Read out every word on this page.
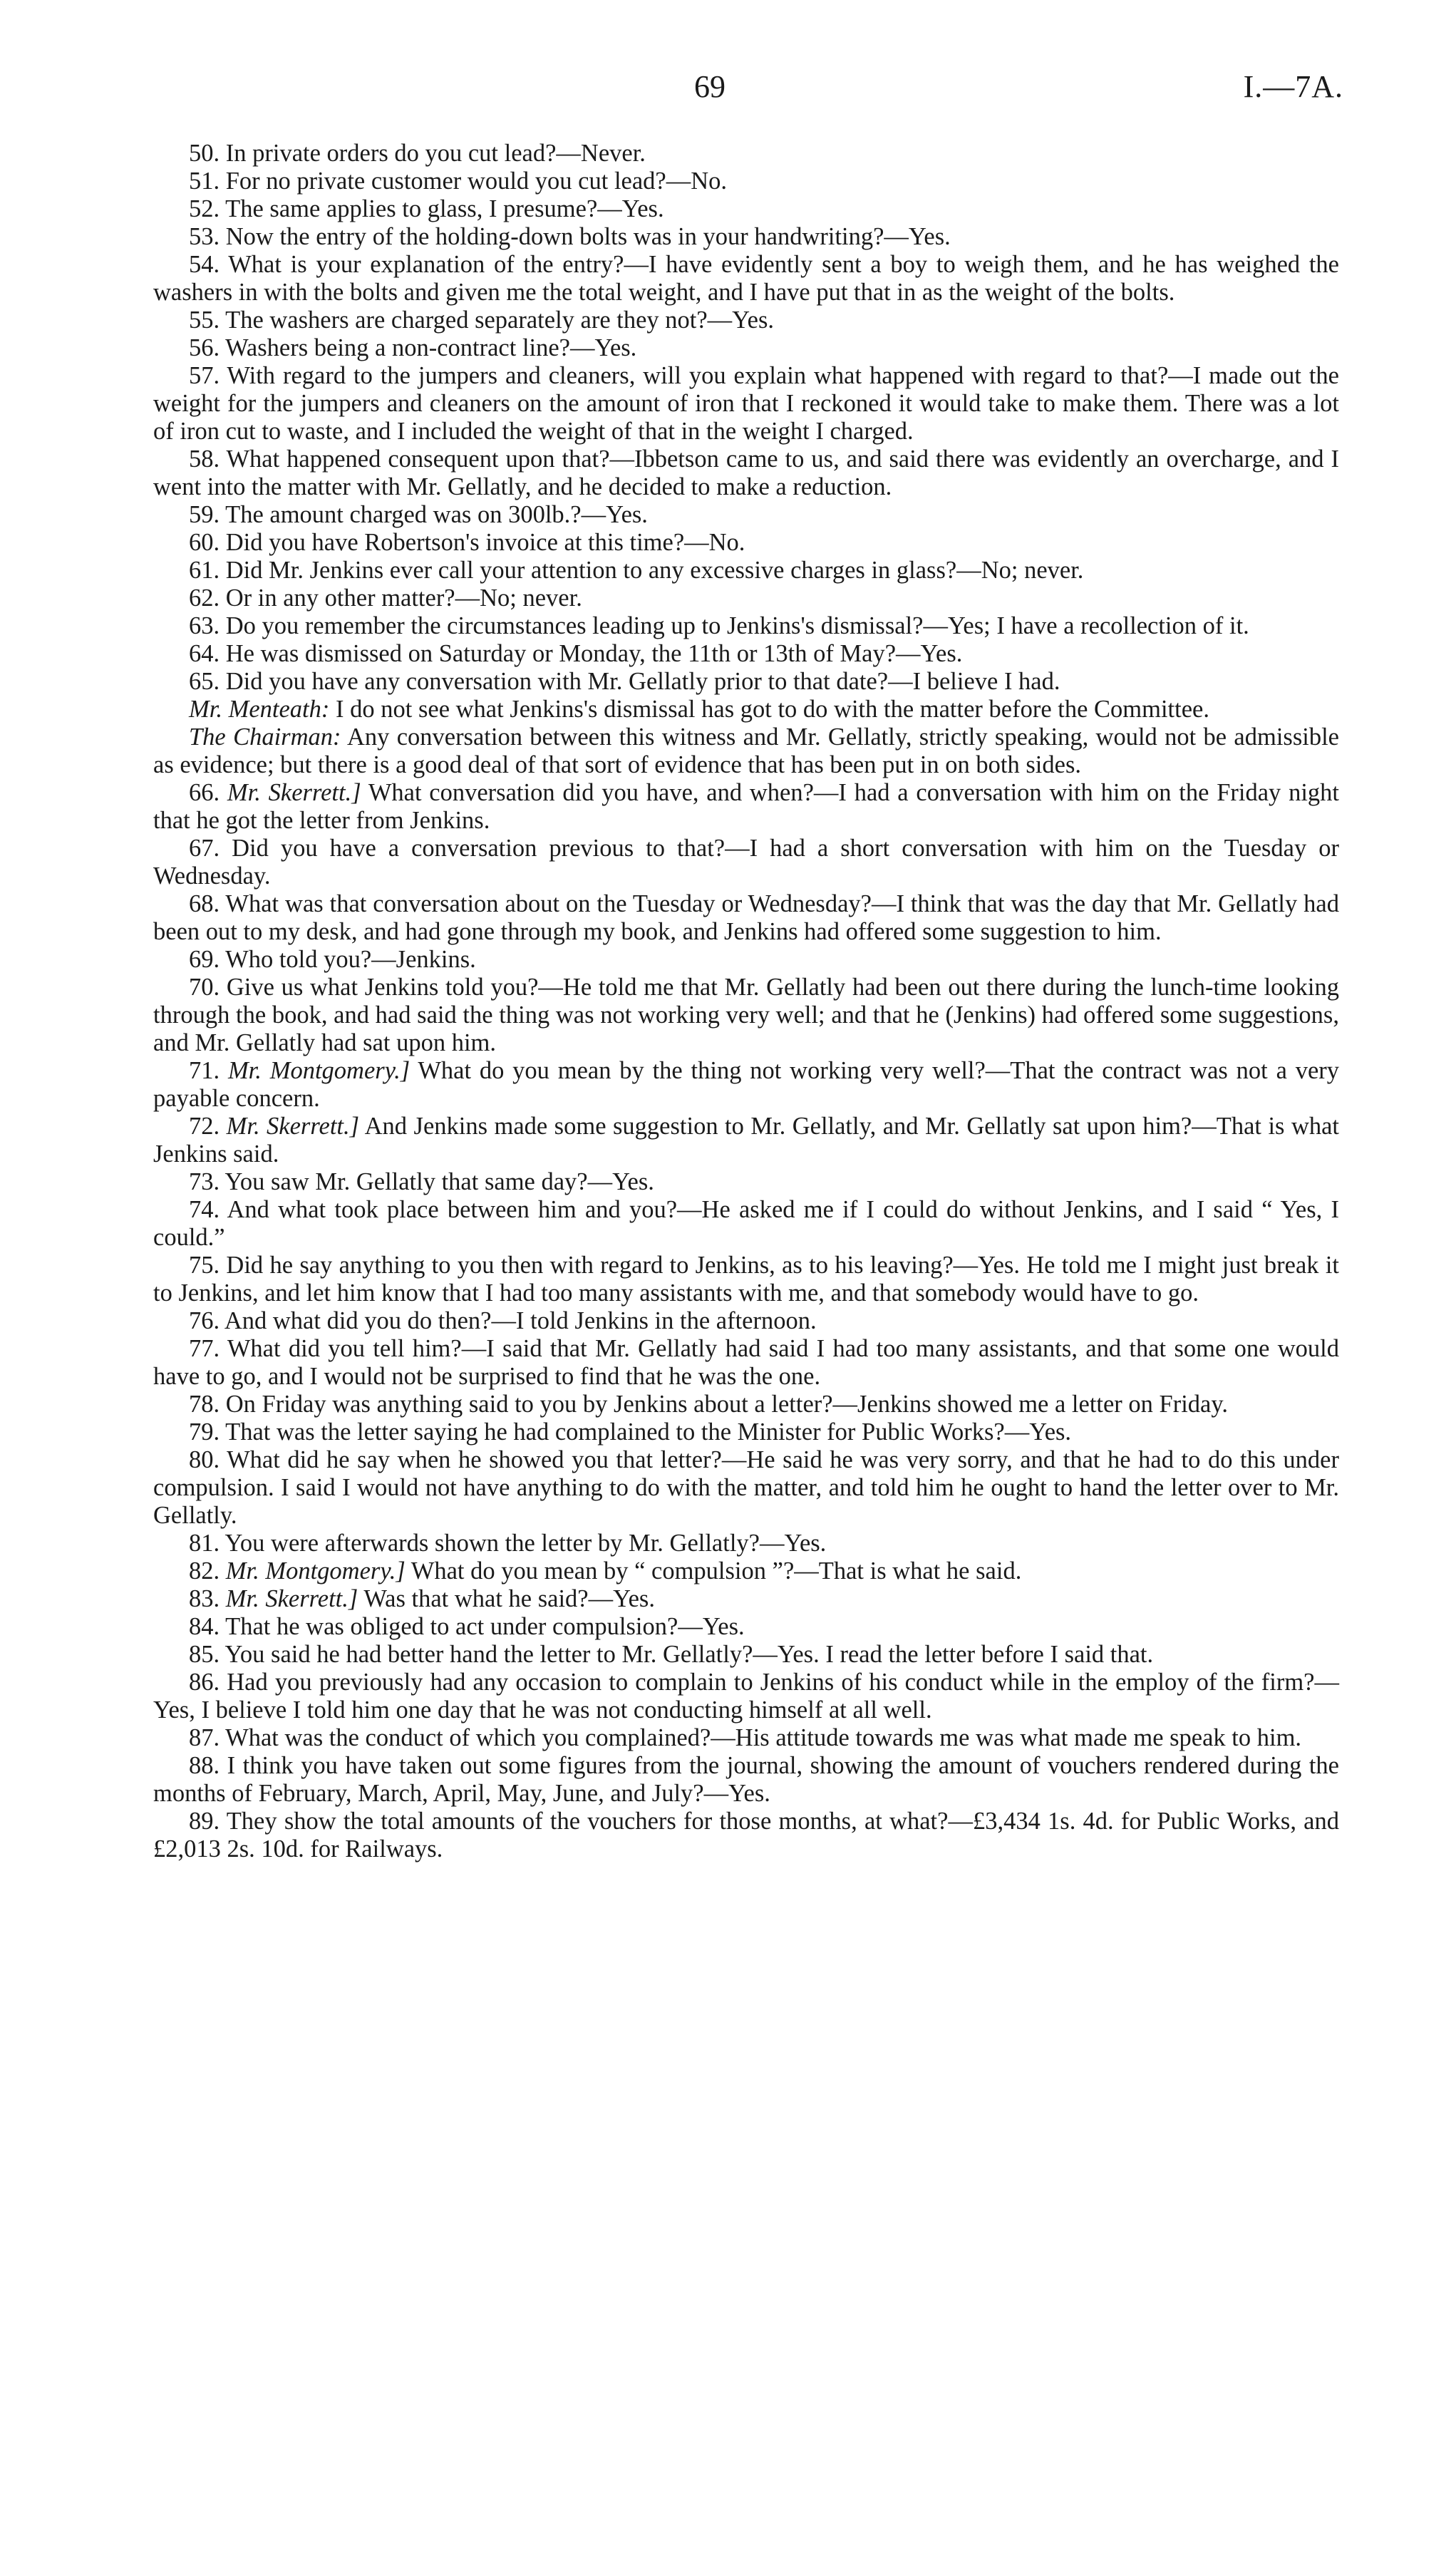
69	I.—7A.

50. In private orders do you cut lead?—Never.

51. For no private customer would you cut lead?—No.

52. The same applies to glass, I presume?—Yes.

53. Now the entry of the holding-down bolts was in your handwriting?—Yes.

54. What is your explanation of the entry?—I have evidently sent a boy to weigh them, and he has weighed the washers in with the bolts and given me the total weight, and I have put that in as the weight of the bolts.

55. The washers are charged separately are they not?—Yes.

56. Washers being a non-contract line?—Yes.

57. With regard to the jumpers and cleaners, will you explain what happened with regard to that?—I made out the weight for the jumpers and cleaners on the amount of iron that I reckoned it would take to make them. There was a lot of iron cut to waste, and I included the weight of that in the weight I charged.

58. What happened consequent upon that?—Ibbetson came to us, and said there was evidently an overcharge, and I went into the matter with Mr. Gellatly, and he decided to make a reduction.

59. The amount charged was on 300lb.?—Yes.

60. Did you have Robertson's invoice at this time?—No.

61. Did Mr. Jenkins ever call your attention to any excessive charges in glass?—No; never.

62. Or in any other matter?—No; never.

63. Do you remember the circumstances leading up to Jenkins's dismissal?—Yes; I have a recollection of it.

64. He was dismissed on Saturday or Monday, the 11th or 13th of May?—Yes.

65. Did you have any conversation with Mr. Gellatly prior to that date?—I believe I had.

Mr. Menteath: I do not see what Jenkins's dismissal has got to do with the matter before the Committee.

The Chairman: Any conversation between this witness and Mr. Gellatly, strictly speaking, would not be admissible as evidence; but there is a good deal of that sort of evidence that has been put in on both sides.

66. Mr. Skerrett.] What conversation did you have, and when?—I had a conversation with him on the Friday night that he got the letter from Jenkins.

67. Did you have a conversation previous to that?—I had a short conversation with him on the Tuesday or Wednesday.

68. What was that conversation about on the Tuesday or Wednesday?—I think that was the day that Mr. Gellatly had been out to my desk, and had gone through my book, and Jenkins had offered some suggestion to him.

69. Who told you?—Jenkins.

70. Give us what Jenkins told you?—He told me that Mr. Gellatly had been out there during the lunch-time looking through the book, and had said the thing was not working very well; and that he (Jenkins) had offered some suggestions, and Mr. Gellatly had sat upon him.

71. Mr. Montgomery.] What do you mean by the thing not working very well?—That the contract was not a very payable concern.

72. Mr. Skerrett.] And Jenkins made some suggestion to Mr. Gellatly, and Mr. Gellatly sat upon him?—That is what Jenkins said.

73. You saw Mr. Gellatly that same day?—Yes.

74. And what took place between him and you?—He asked me if I could do without Jenkins, and I said “ Yes, I could.”

75. Did he say anything to you then with regard to Jenkins, as to his leaving?—Yes. He told me I might just break it to Jenkins, and let him know that I had too many assistants with me, and that somebody would have to go.

76. And what did you do then?—I told Jenkins in the afternoon.

77. What did you tell him?—I said that Mr. Gellatly had said I had too many assistants, and that some one would have to go, and I would not be surprised to find that he was the one.

78. On Friday was anything said to you by Jenkins about a letter?—Jenkins showed me a letter on Friday.

79. That was the letter saying he had complained to the Minister for Public Works?—Yes.

80. What did he say when he showed you that letter?—He said he was very sorry, and that he had to do this under compulsion. I said I would not have anything to do with the matter, and told him he ought to hand the letter over to Mr. Gellatly.

81. You were afterwards shown the letter by Mr. Gellatly?—Yes.

82. Mr. Montgomery.] What do you mean by “ compulsion ”?—That is what he said.

83. Mr. Skerrett.] Was that what he said?—Yes.

84. That he was obliged to act under compulsion?—Yes.

85. You said he had better hand the letter to Mr. Gellatly?—Yes. I read the letter before I said that.

86. Had you previously had any occasion to complain to Jenkins of his conduct while in the employ of the firm?—Yes, I believe I told him one day that he was not conducting himself at all well.

87. What was the conduct of which you complained?—His attitude towards me was what made me speak to him.

88. I think you have taken out some figures from the journal, showing the amount of vouchers rendered during the months of February, March, April, May, June, and July?—Yes.

89. They show the total amounts of the vouchers for those months, at what?—£3,434 1s. 4d. for Public Works, and £2,013 2s. 10d. for Railways.
